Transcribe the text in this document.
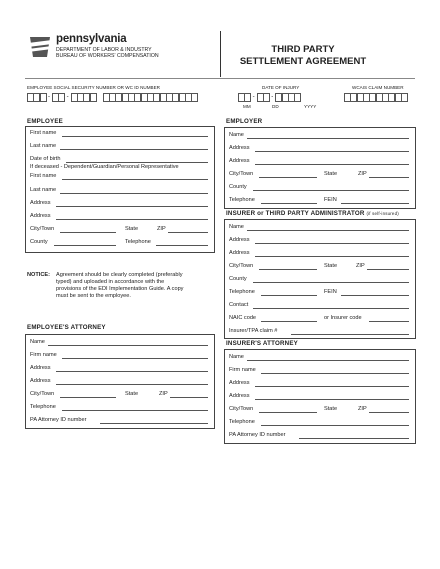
pennsylvania
DEPARTMENT OF LABOR & INDUSTRY
BUREAU OF WORKERS' COMPENSATION
THIRD PARTY
SETTLEMENT AGREEMENT
EMPLOYEE SOCIAL SECURITY NUMBER OR WC ID NUMBER
-	-
DATE OF INJURY
-	-
MM	DD	YYYY
WCAIS CLAIM NUMBER
EMPLOYEE
First name
Last name
Date of birth
If deceased - Dependent/Guardian/Personal Representative
First name
Last name
Address
Address
City/Town	State	ZIP
County	Telephone
NOTICE: Agreement should be clearly completed (preferably
typed) and uploaded in accordance with the
provisions of the EDI Implementation Guide. A copy
must be sent to the employee.
EMPLOYEE'S ATTORNEY
Name
Firm name
Address
Address
City/Town	State	ZIP
Telephone
PA Attorney ID number
EMPLOYER
Name
Address
Address
City/Town	State	ZIP
County
Telephone	FEIN
INSURER or THIRD PARTY ADMINISTRATOR (if self-insured)
Name
Address
Address
City/Town	State	ZIP
County
Telephone	FEIN
Contact
NAIC code	or Insurer code
Insurer/TPA claim #
INSURER'S ATTORNEY
Name
Firm name
Address
Address
City/Town	State	ZIP
Telephone
PA Attorney ID number
